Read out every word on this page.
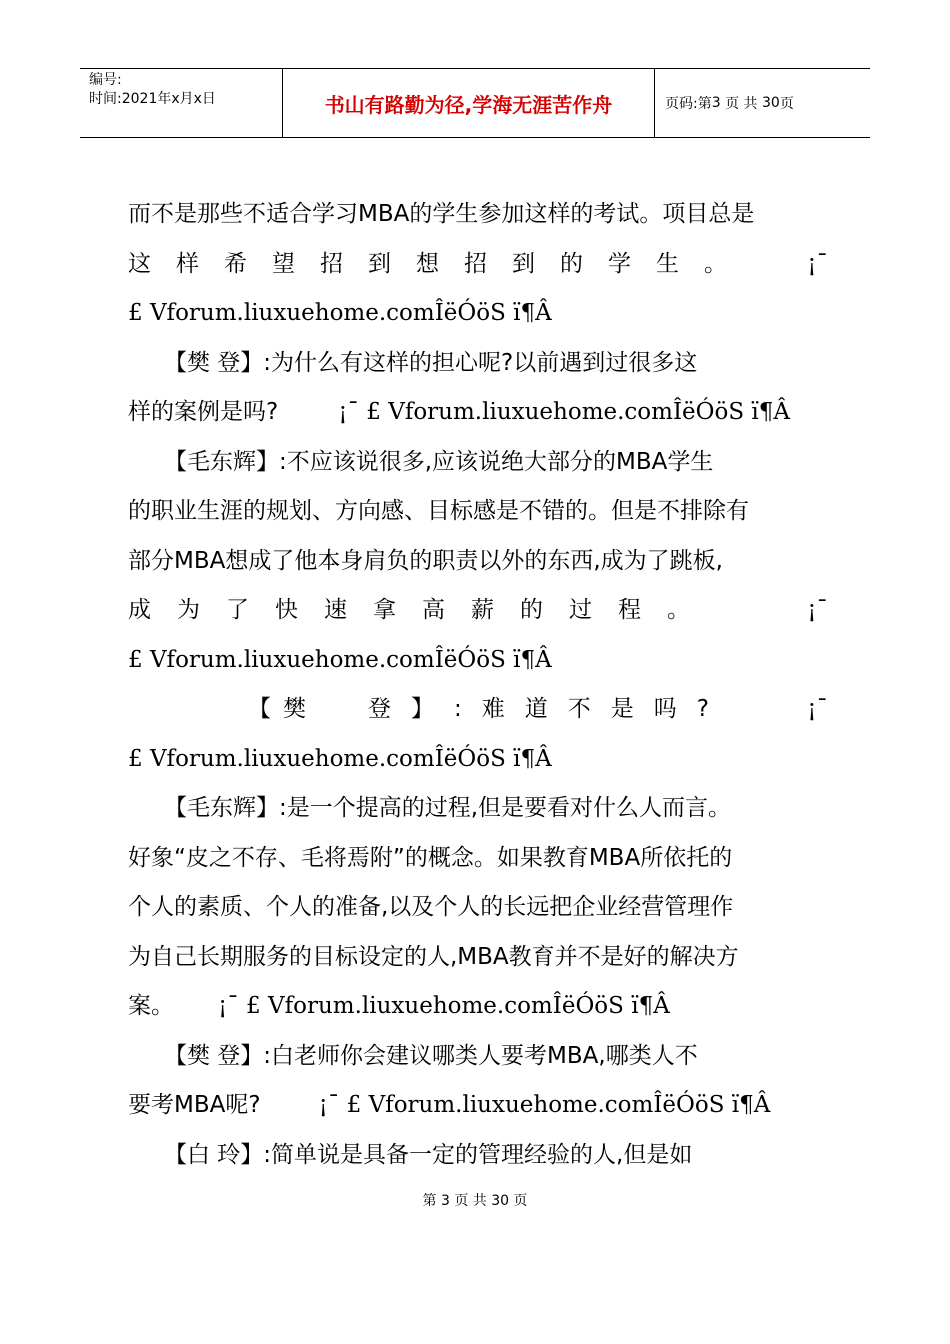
编号:
时间:2021年x月x日	书山有路勤为径,学海无涯苦作舟	页码:第 3
页 共
30 页
而不是那些不适合学习MBA的学生参加这样的考试。项目总是
这样希望招到想招到的学生。 ¡¯
£ Vforum.liuxuehome.comÎëÓöS ï¶Â
【樊 登】:为什么有这样的担心呢?以前遇到过很多这
样的案例是吗?	¡¯ £ Vforum.liuxuehome.comÎëÓöS ï¶Â
【毛东辉】:不应该说很多,应该说绝大部分的MBA学生
的职业生涯的规划、方向感、目标感是不错的。但是不排除有
部分MBA想成了他本身肩负的职责以外的东西,成为了跳板,
成为了快速拿高薪的过程。	¡¯
£ Vforum.liuxuehome.comÎëÓöS ï¶Â
【樊 登】:难道不是吗?	¡¯
£ Vforum.liuxuehome.comÎëÓöS ï¶Â
【毛东辉】:是一个提高的过程,但是要看对什么人而言。
好象“皮之不存、毛将焉附”的概念。如果教育MBA所依托的
个人的素质、个人的准备,以及个人的长远把企业经营管理作
为自己长期服务的目标设定的人,MBA教育并不是好的解决方
案。 ¡¯ £ Vforum.liuxuehome.comÎëÓöS ï¶Â
【樊 登】:白老师你会建议哪类人要考MBA,哪类人不
要考MBA呢?	¡¯ £ Vforum.liuxuehome.comÎëÓöS ï¶Â
【白 玲】:简单说是具备一定的管理经验的人,但是如
第 3 页 共 30 页
